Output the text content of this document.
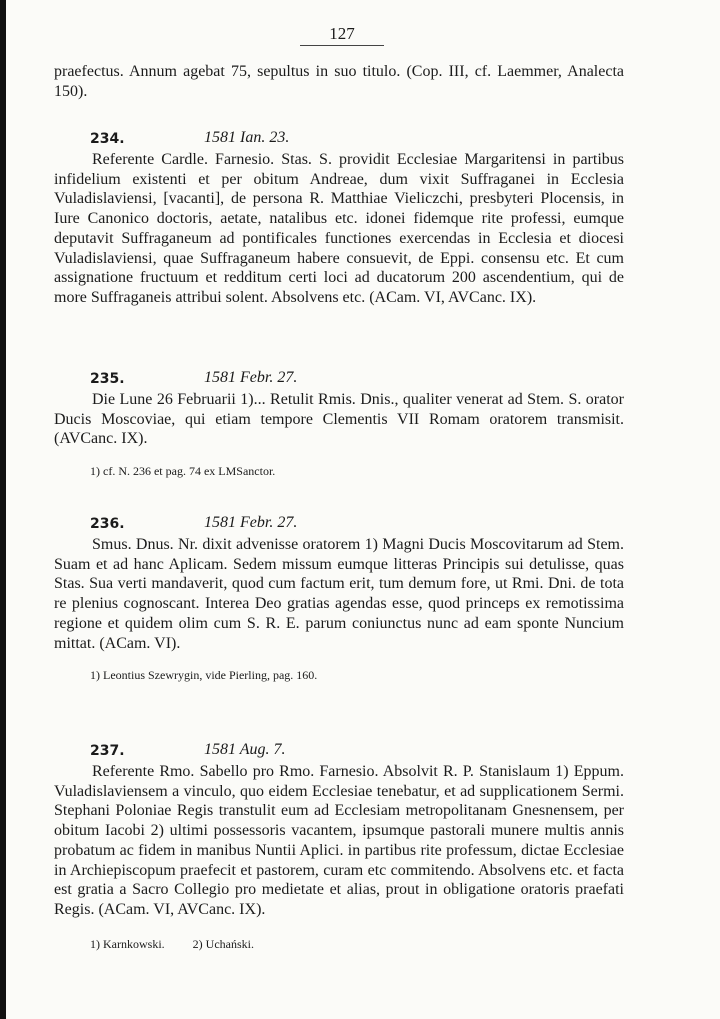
127

praefectus. Annum agebat 75, sepultus in suo titulo. (Cop. III, cf. Laemmer, Analecta 150).

234.	1581 Ian. 23.

Referente Cardle. Farnesio. Stas. S. providit Ecclesiae Margaritensi in partibus infidelium existenti et per obitum Andreae, dum vixit Suffraganei in Ecclesia Vuladislaviensi, [vacanti], de persona R. Matthiae Vieliczchi, presbyteri Plocensis, in Iure Canonico doctoris, aetate, natalibus etc. idonei fidemque rite professi, eumque deputavit Suffraganeum ad pontificales functiones exercendas in Ecclesia et diocesi Vuladislaviensi, quae Suffraganeum habere consuevit, de Eppi. consensu etc. Et cum assignatione fructuum et redditum certi loci ad ducatorum 200 ascendentium, qui de more Suffraganeis attribui solent. Absolvens etc. (ACam. VI, AVCanc. IX).

235.	1581 Febr. 27.

Die Lune 26 Februarii 1)... Retulit Rmis. Dnis., qualiter venerat ad Stem. S. orator Ducis Moscoviae, qui etiam tempore Clementis VII Romam oratorem transmisit. (AVCanc. IX).

1) cf. N. 236 et pag. 74 ex LMSanctor.

236.	1581 Febr. 27.

Smus. Dnus. Nr. dixit advenisse oratorem 1) Magni Ducis Moscovitarum ad Stem. Suam et ad hanc Aplicam. Sedem missum eumque litteras Principis sui detulisse, quas Stas. Sua verti mandaverit, quod cum factum erit, tum demum fore, ut Rmi. Dni. de tota re plenius cognoscant. Interea Deo gratias agendas esse, quod princeps ex remotissima regione et quidem olim cum S. R. E. parum coniunctus nunc ad eam sponte Nuncium mittat. (ACam. VI).

1) Leontius Szewrygin, vide Pierling, pag. 160.

237.	1581 Aug. 7.

Referente Rmo. Sabello pro Rmo. Farnesio. Absolvit R. P. Stanislaum 1) Eppum. Vuladislaviensem a vinculo, quo eidem Ecclesiae tenebatur, et ad supplicationem Sermi. Stephani Poloniae Regis transtulit eum ad Ecclesiam metropolitanam Gnesnensem, per obitum Iacobi 2) ultimi possessoris vacantem, ipsumque pastorali munere multis annis probatum ac fidem in manibus Nuntii Aplici. in partibus rite professum, dictae Ecclesiae in Archiepiscopum praefecit et pastorem, curam etc commitendo. Absolvens etc. et facta est gratia a Sacro Collegio pro medietate et alias, prout in obligatione oratoris praefati Regis. (ACam. VI, AVCanc. IX).

1) Karnkowski. 2) Uchański.
